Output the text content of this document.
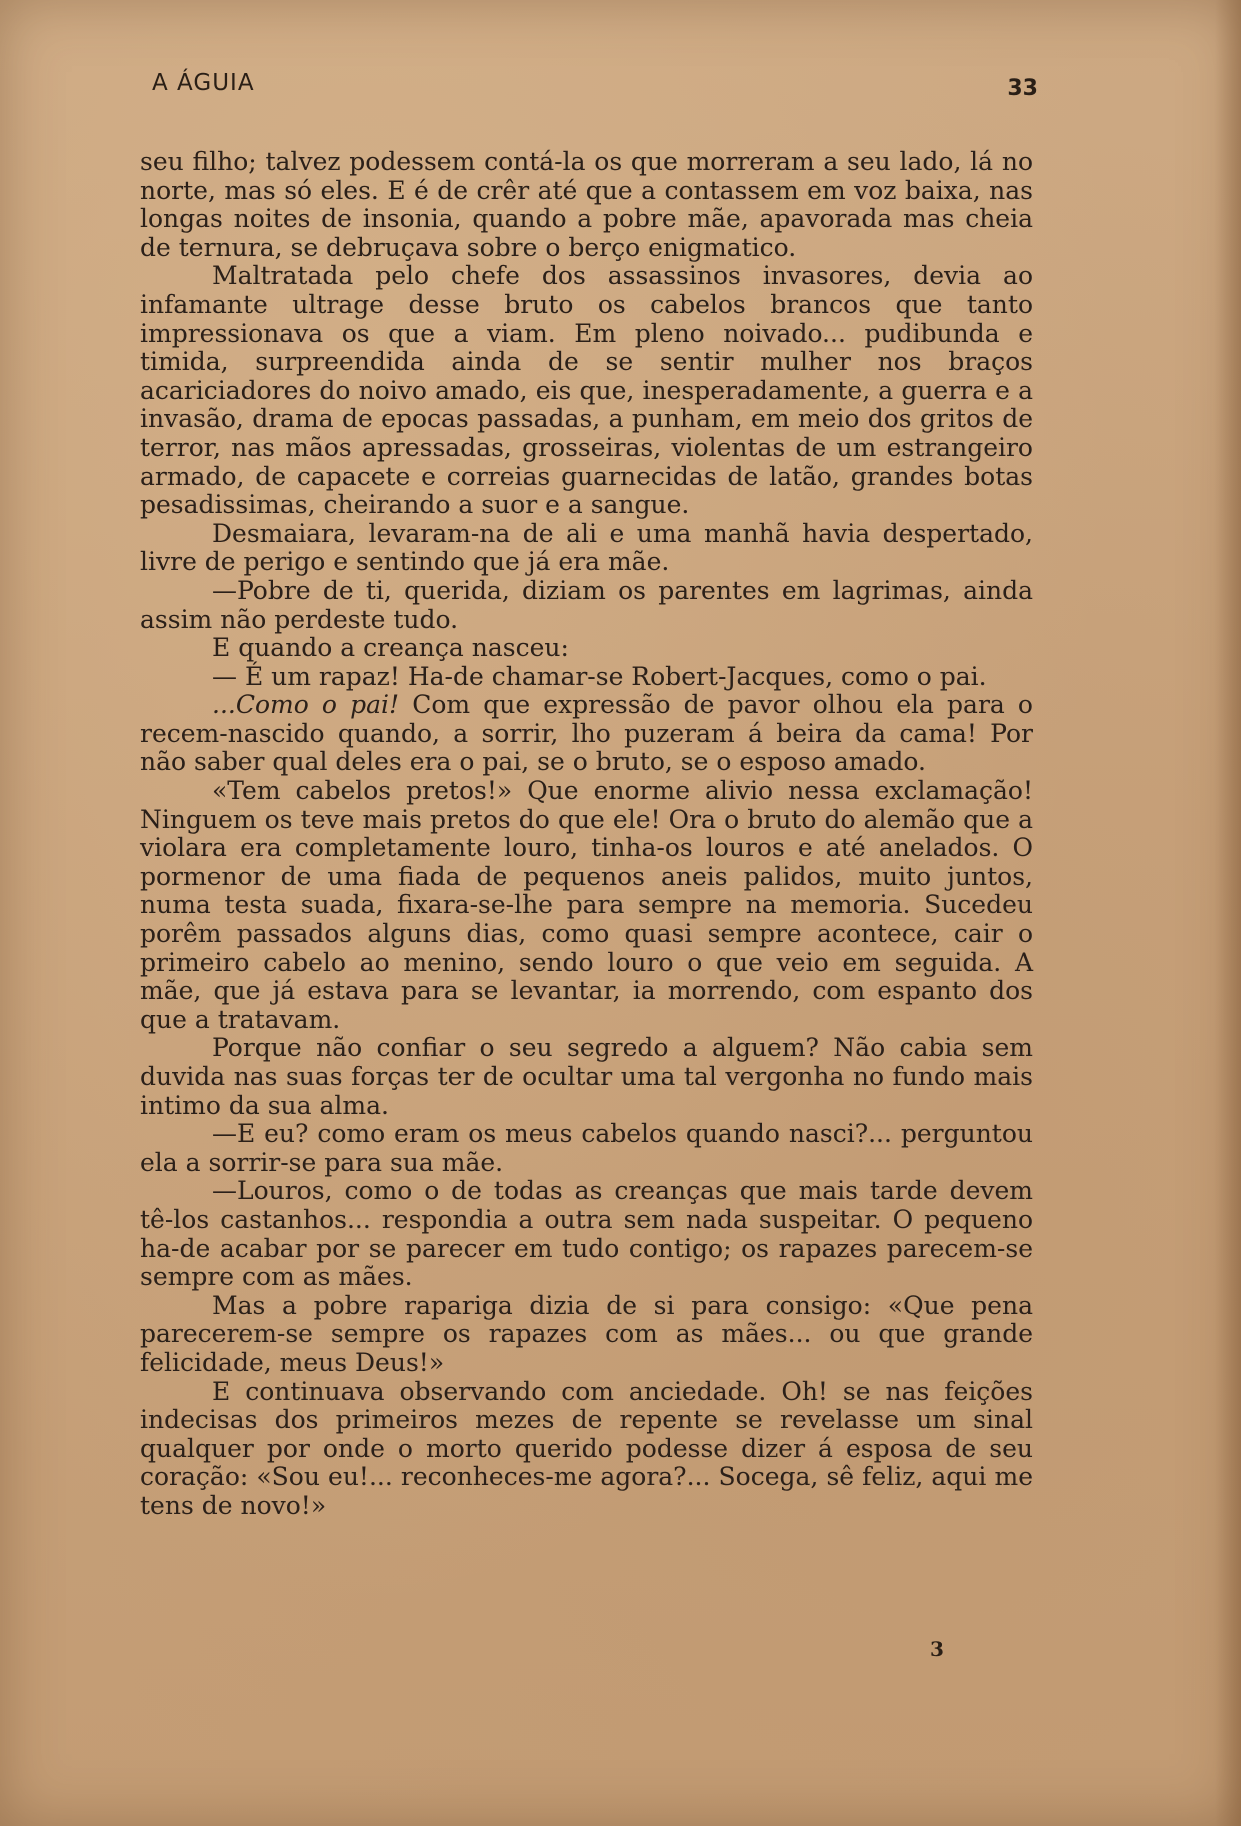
A ÁGUIA	33

seu filho; talvez podessem contá-la os que morreram a seu lado, lá no norte, mas só eles. E é de crêr até que a contassem em voz baixa, nas longas noites de insonia, quando a pobre mãe, apavorada mas cheia de ternura, se debruçava sobre o berço enigmatico.

Maltratada pelo chefe dos assassinos invasores, devia ao infamante ultrage desse bruto os cabelos brancos que tanto impressionava os que a viam. Em pleno noivado... pudibunda e timida, surpreendida ainda de se sentir mulher nos braços acariciadores do noivo amado, eis que, inesperadamente, a guerra e a invasão, drama de epocas passadas, a punham, em meio dos gritos de terror, nas mãos apressadas, grosseiras, violentas de um estrangeiro armado, de capacete e correias guarnecidas de latão, grandes botas pesadissimas, cheirando a suor e a sangue.

Desmaiara, levaram-na de ali e uma manhã havia despertado, livre de perigo e sentindo que já era mãe.

—Pobre de ti, querida, diziam os parentes em lagrimas, ainda assim não perdeste tudo.

E quando a creança nasceu:

— É um rapaz! Ha-de chamar-se Robert-Jacques, como o pai.

...Como o pai! Com que expressão de pavor olhou ela para o recem-nascido quando, a sorrir, lho puzeram á beira da cama! Por não saber qual deles era o pai, se o bruto, se o esposo amado.

«Tem cabelos pretos!» Que enorme alivio nessa exclamação! Ninguem os teve mais pretos do que ele! Ora o bruto do alemão que a violara era completamente louro, tinha-os louros e até anelados. O pormenor de uma fiada de pequenos aneis palidos, muito juntos, numa testa suada, fixara-se-lhe para sempre na memoria. Sucedeu porêm passados alguns dias, como quasi sempre acontece, cair o primeiro cabelo ao menino, sendo louro o que veio em seguida. A mãe, que já estava para se levantar, ia morrendo, com espanto dos que a tratavam.

Porque não confiar o seu segredo a alguem? Não cabia sem duvida nas suas forças ter de ocultar uma tal vergonha no fundo mais intimo da sua alma.

—E eu? como eram os meus cabelos quando nasci?... perguntou ela a sorrir-se para sua mãe.

—Louros, como o de todas as creanças que mais tarde devem tê-los castanhos... respondia a outra sem nada suspeitar. O pequeno ha-de acabar por se parecer em tudo contigo; os rapazes parecem-se sempre com as mães.

Mas a pobre rapariga dizia de si para consigo: «Que pena parecerem-se sempre os rapazes com as mães... ou que grande felicidade, meus Deus!»

E continuava observando com anciedade. Oh! se nas feições indecisas dos primeiros mezes de repente se revelasse um sinal qualquer por onde o morto querido podesse dizer á esposa de seu coração: «Sou eu!... reconheces-me agora?... Socega, sê feliz, aqui me tens de novo!»

3
